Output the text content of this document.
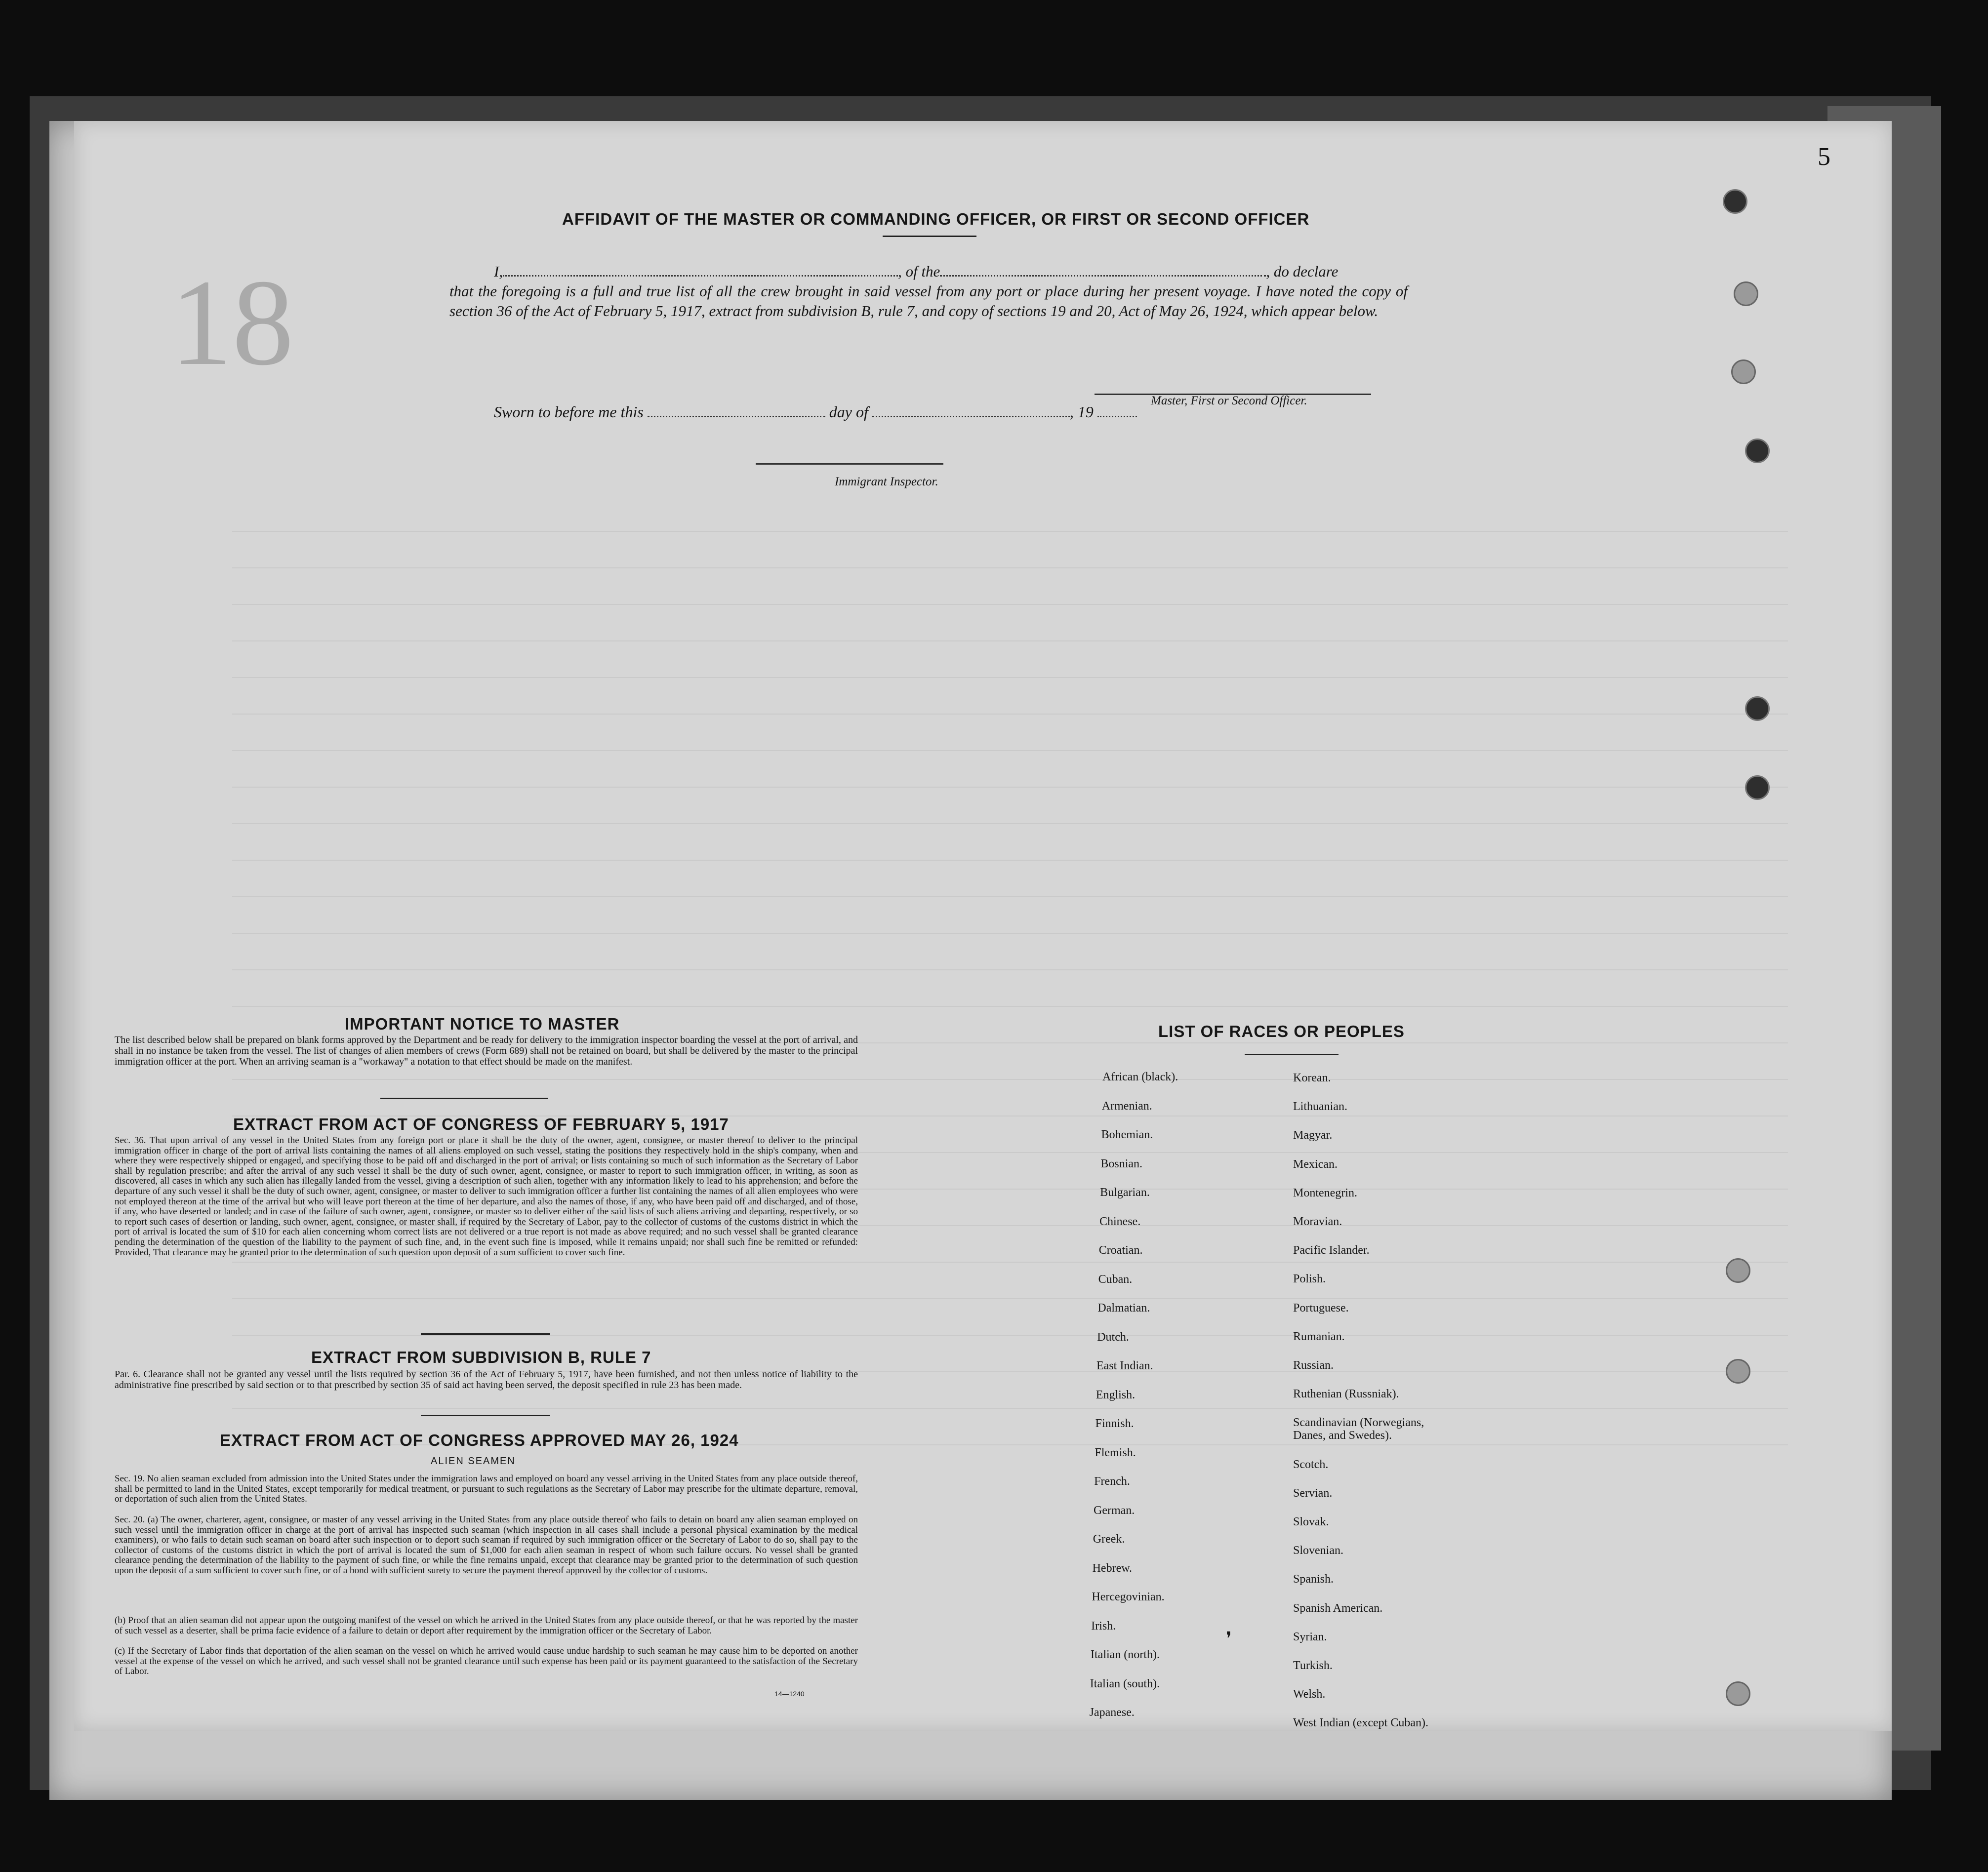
18
5
AFFIDAVIT OF THE MASTER OR COMMANDING OFFICER, OR FIRST OR SECOND OFFICER
I,	, of the	, do declare
that the foregoing is a full and true list of all the crew brought in said vessel from any port or place during her present voyage. I have noted the copy of section 36 of the Act of February 5, 1917, extract from subdivision B, rule 7, and copy of sections 19 and 20, Act of May 26, 1924, which appear below.
Master, First or Second Officer.
Sworn to before me this	day of	, 19
Immigrant Inspector.
IMPORTANT NOTICE TO MASTER
The list described below shall be prepared on blank forms approved by the Department and be ready for delivery to the immigration inspector boarding the vessel at the port of arrival, and shall in no instance be taken from the vessel. The list of changes of alien members of crews (Form 689) shall not be retained on board, but shall be delivered by the master to the principal immigration officer at the port. When an arriving seaman is a "workaway" a notation to that effect should be made on the manifest.
EXTRACT FROM ACT OF CONGRESS OF FEBRUARY 5, 1917
Sec. 36. That upon arrival of any vessel in the United States from any foreign port or place it shall be the duty of the owner, agent, consignee, or master thereof to deliver to the principal immigration officer in charge of the port of arrival lists containing the names of all aliens employed on such vessel, stating the positions they respectively hold in the ship's company, when and where they were respectively shipped or engaged, and specifying those to be paid off and discharged in the port of arrival; or lists containing so much of such information as the Secretary of Labor shall by regulation prescribe; and after the arrival of any such vessel it shall be the duty of such owner, agent, consignee, or master to report to such immigration officer, in writing, as soon as discovered, all cases in which any such alien has illegally landed from the vessel, giving a description of such alien, together with any information likely to lead to his apprehension; and before the departure of any such vessel it shall be the duty of such owner, agent, consignee, or master to deliver to such immigration officer a further list containing the names of all alien employees who were not employed thereon at the time of the arrival but who will leave port thereon at the time of her departure, and also the names of those, if any, who have been paid off and discharged, and of those, if any, who have deserted or landed; and in case of the failure of such owner, agent, consignee, or master so to deliver either of the said lists of such aliens arriving and departing, respectively, or so to report such cases of desertion or landing, such owner, agent, consignee, or master shall, if required by the Secretary of Labor, pay to the collector of customs of the customs district in which the port of arrival is located the sum of $10 for each alien concerning whom correct lists are not delivered or a true report is not made as above required; and no such vessel shall be granted clearance pending the determination of the question of the liability to the payment of such fine, and, in the event such fine is imposed, while it remains unpaid; nor shall such fine be remitted or refunded: Provided, That clearance may be granted prior to the determination of such question upon deposit of a sum sufficient to cover such fine.
EXTRACT FROM SUBDIVISION B, RULE 7
Par. 6. Clearance shall not be granted any vessel until the lists required by section 36 of the Act of February 5, 1917, have been furnished, and not then unless notice of liability to the administrative fine prescribed by said section or to that prescribed by section 35 of said act having been served, the deposit specified in rule 23 has been made.
EXTRACT FROM ACT OF CONGRESS APPROVED MAY 26, 1924
ALIEN SEAMEN
Sec. 19. No alien seaman excluded from admission into the United States under the immigration laws and employed on board any vessel arriving in the United States from any place outside thereof, shall be permitted to land in the United States, except temporarily for medical treatment, or pursuant to such regulations as the Secretary of Labor may prescribe for the ultimate departure, removal, or deportation of such alien from the United States.
Sec. 20. (a) The owner, charterer, agent, consignee, or master of any vessel arriving in the United States from any place outside thereof who fails to detain on board any alien seaman employed on such vessel until the immigration officer in charge at the port of arrival has inspected such seaman (which inspection in all cases shall include a personal physical examination by the medical examiners), or who fails to detain such seaman on board after such inspection or to deport such seaman if required by such immigration officer or the Secretary of Labor to do so, shall pay to the collector of customs of the customs district in which the port of arrival is located the sum of $1,000 for each alien seaman in respect of whom such failure occurs. No vessel shall be granted clearance pending the determination of the liability to the payment of such fine, or while the fine remains unpaid, except that clearance may be granted prior to the determination of such question upon the deposit of a sum sufficient to cover such fine, or of a bond with sufficient surety to secure the payment thereof approved by the collector of customs.
(b) Proof that an alien seaman did not appear upon the outgoing manifest of the vessel on which he arrived in the United States from any place outside thereof, or that he was reported by the master of such vessel as a deserter, shall be prima facie evidence of a failure to detain or deport after requirement by the immigration officer or the Secretary of Labor.
(c) If the Secretary of Labor finds that deportation of the alien seaman on the vessel on which he arrived would cause undue hardship to such seaman he may cause him to be deported on another vessel at the expense of the vessel on which he arrived, and such vessel shall not be granted clearance until such expense has been paid or its payment guaranteed to the satisfaction of the Secretary of Labor.
14—1240
LIST OF RACES OR PEOPLES
African (black).
Armenian.
Bohemian.
Bosnian.
Bulgarian.
Chinese.
Croatian.
Cuban.
Dalmatian.
Dutch.
East Indian.
English.
Finnish.
Flemish.
French.
German.
Greek.
Hebrew.
Hercegovinian.
Irish.
Italian (north).
Italian (south).
Japanese.
Korean.
Lithuanian.
Magyar.
Mexican.
Montenegrin.
Moravian.
Pacific Islander.
Polish.
Portuguese.
Rumanian.
Russian.
Ruthenian (Russniak).
Scandinavian (Norwegians,
Danes, and Swedes).
Scotch.
Servian.
Slovak.
Slovenian.
Spanish.
Spanish American.
Syrian.
Turkish.
Welsh.
West Indian (except Cuban).
❜
